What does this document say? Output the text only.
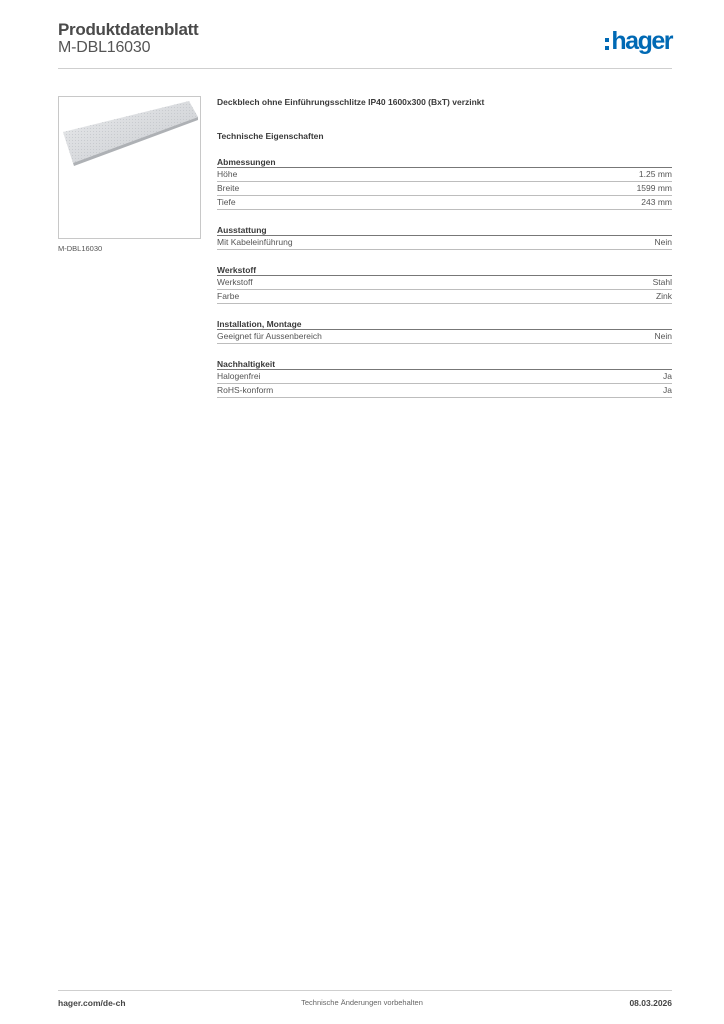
Produktdatenblatt
M-DBL16030	hager
M-DBL16030
Deckblech ohne Einführungsschlitze IP40 1600x300 (BxT) verzinkt
Technische Eigenschaften
Abmessungen
Höhe	1.25 mm
Breite	1599 mm
Tiefe	243 mm
Ausstattung
Mit Kabeleinführung	Nein
Werkstoff
Werkstoff	Stahl
Farbe	Zink
Installation, Montage
Geeignet für Aussenbereich	Nein
Nachhaltigkeit
Halogenfrei	Ja
RoHS-konform	Ja
hager.com/de-ch	Technische Änderungen vorbehalten	08.03.2026
